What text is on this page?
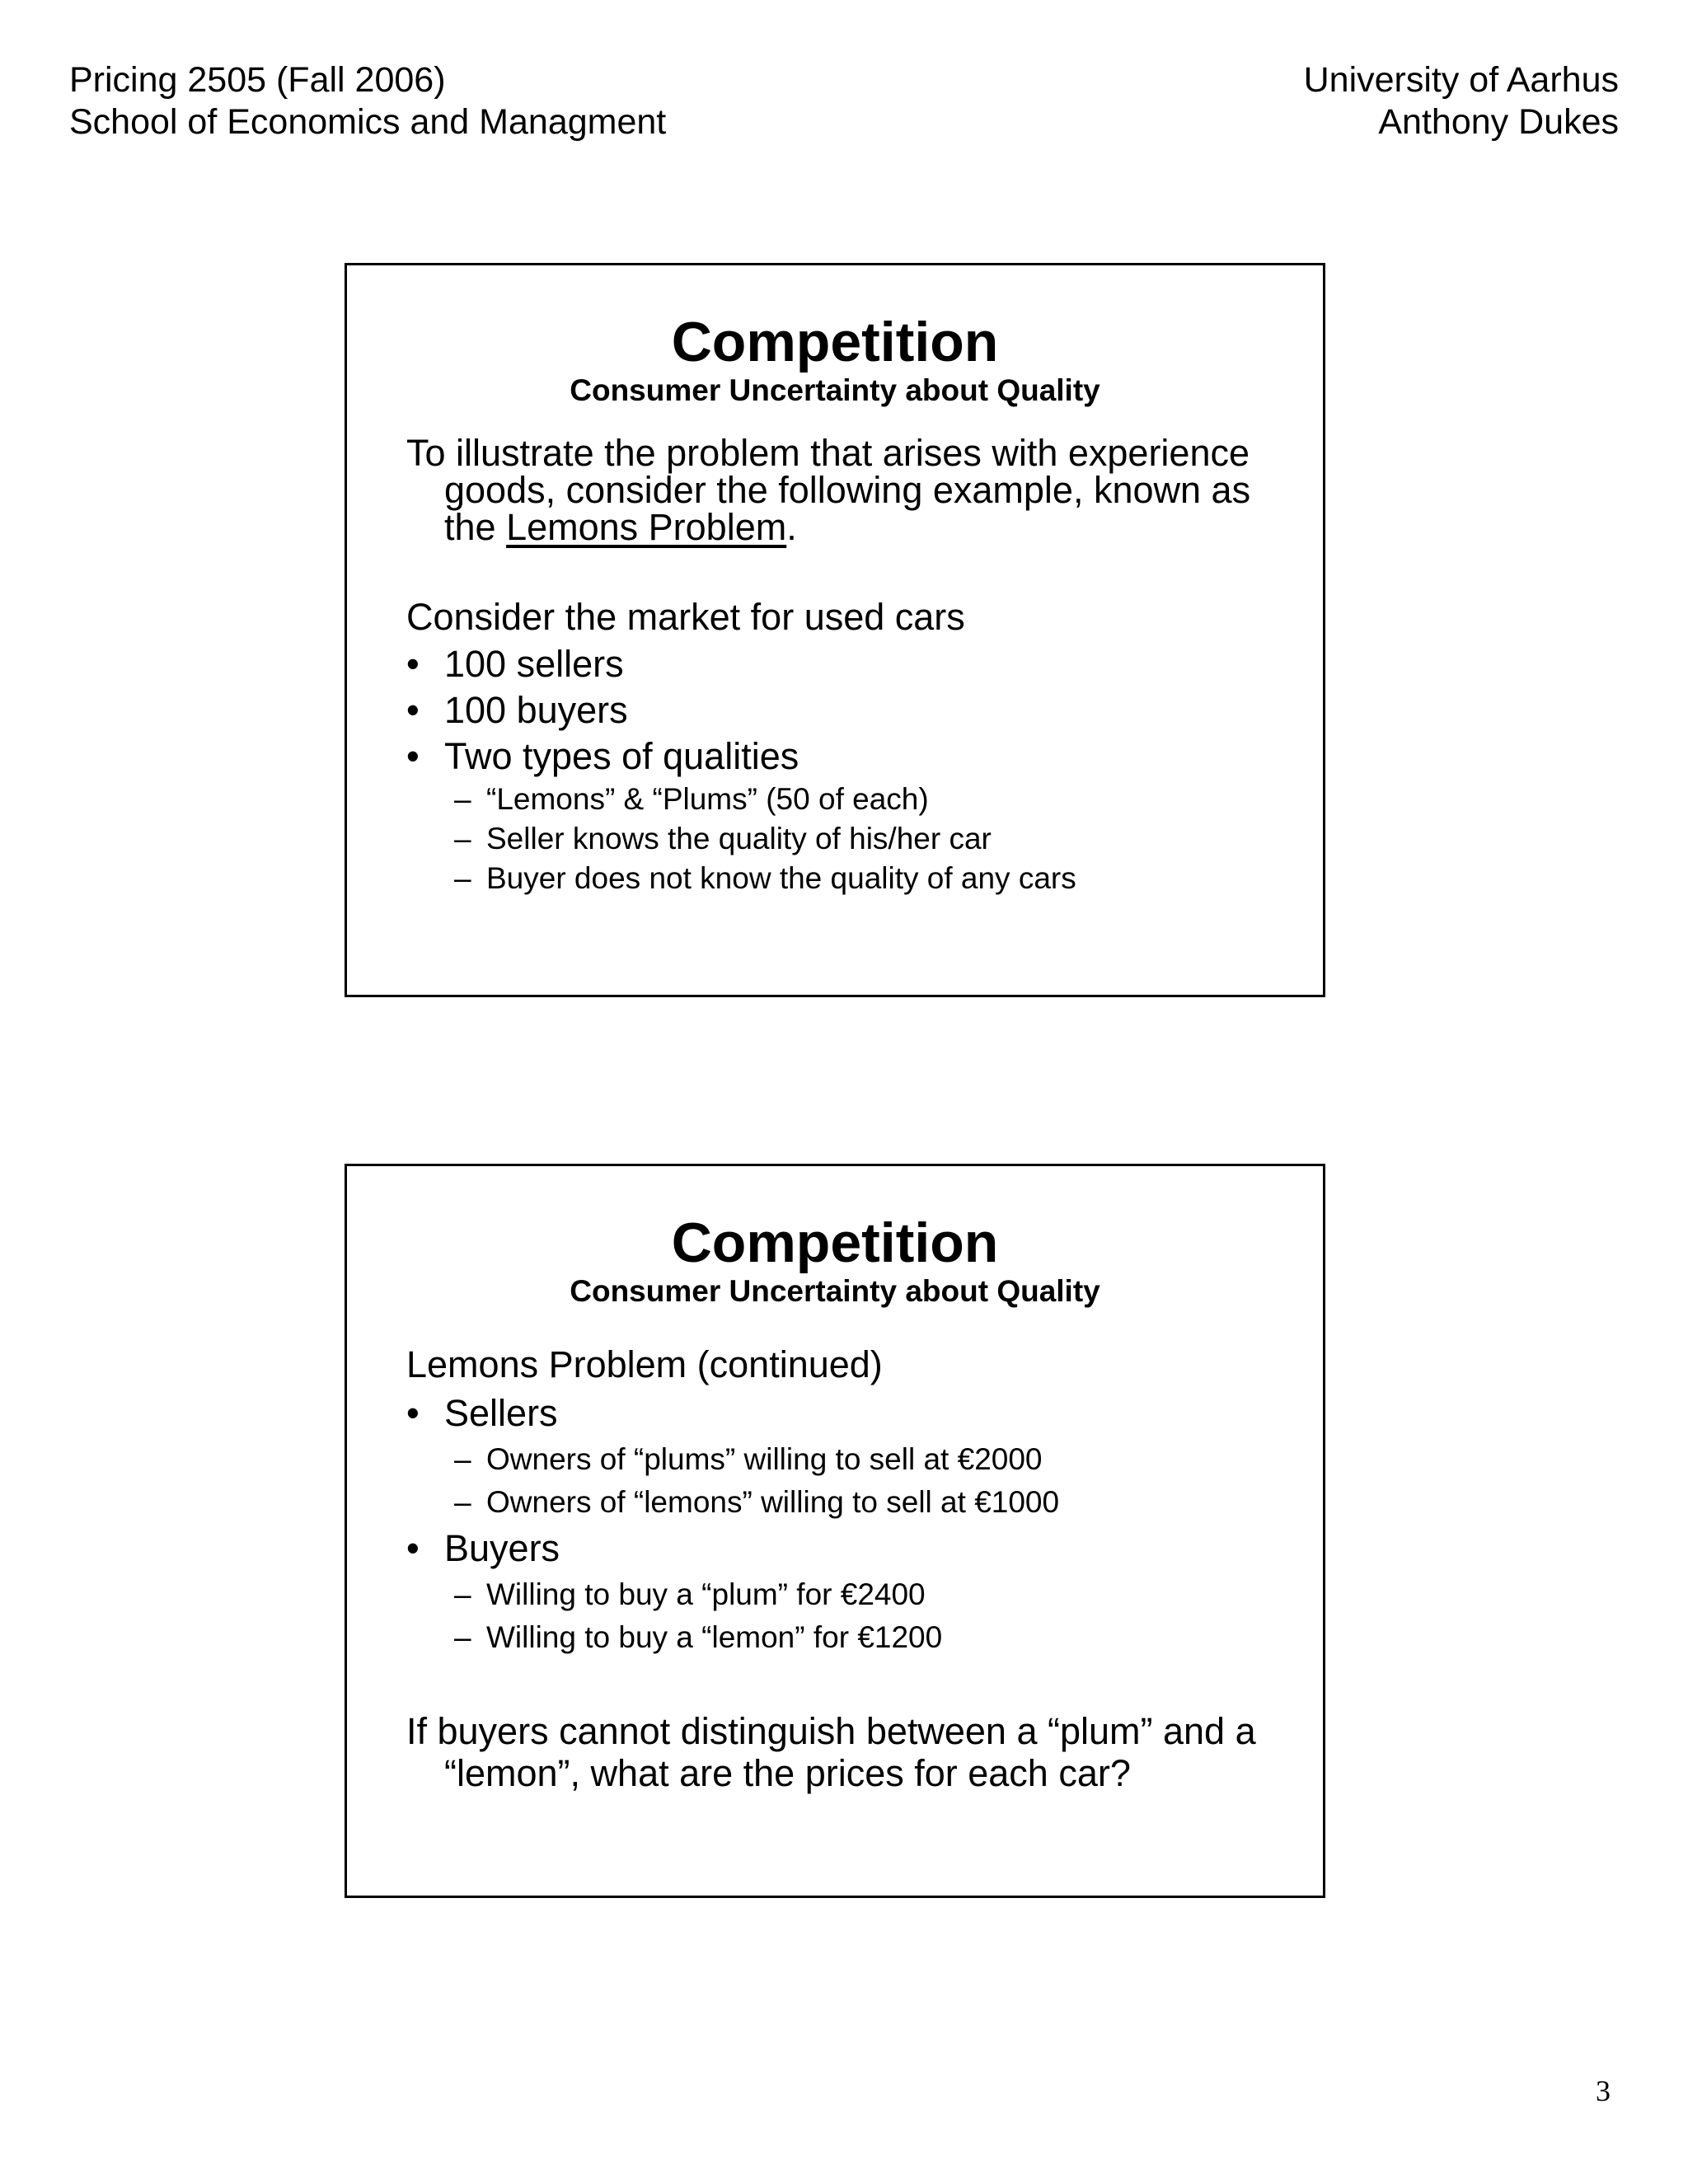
Pricing 2505 (Fall 2006)
School of Economics and Managment
University of Aarhus
Anthony Dukes
Competition
Consumer Uncertainty about Quality

To illustrate the problem that arises with experience goods, consider the following example, known as the Lemons Problem.

Consider the market for used cars

• 100 sellers

• 100 buyers

• Two types of qualities

– “Lemons” & “Plums” (50 of each)

– Seller knows the quality of his/her car

– Buyer does not know the quality of any cars

Competition
Consumer Uncertainty about Quality

Lemons Problem (continued)

• Sellers

– Owners of “plums” willing to sell at €2000

– Owners of “lemons” willing to sell at €1000

• Buyers

– Willing to buy a “plum” for €2400

– Willing to buy a “lemon” for €1200

If buyers cannot distinguish between a “plum” and a “lemon”, what are the prices for each car?

3
